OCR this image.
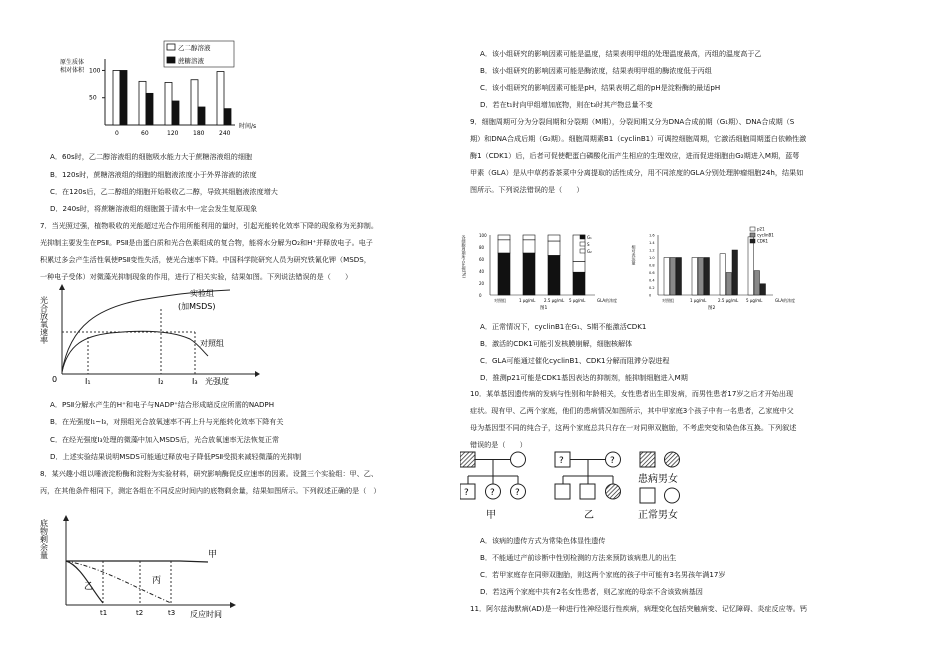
原生质体
相对体积
时间/s
100
50
0	60	120 180 240
乙二醇溶液
蔗糖溶液
A．60s时，乙二醇溶液组的细胞吸水能力大于蔗糖溶液组的细胞
B．120s时，蔗糖溶液组的细胞的细胞液浓度小于外界溶液的浓度
C．在120s后，乙二醇组的细胞开始吸收乙二醇，导致其细胞液浓度增大
D．240s时，将蔗糖溶液组的细胞置于清水中一定会发生复原现象
7．当光照过强，植物吸收的光能超过光合作用所能利用的量时，引起光能转化效率下降的现象称为光抑制。
光抑制主要发生在PSⅡ。PSⅡ是由蛋白质和光合色素组成的复合物，能将水分解为O₂和H⁺并释放电子。电子
积累过多会产生活性氧使PSⅡ变性失活，使光合速率下降。中国科学院研究人员为研究铁氰化钾（MSDS，
一种电子受体）对微藻光抑制现象的作用，进行了相关实验，结果如图。下列说法错误的是（　　）
光合放氧速率
0	光强度
I₁	I₂	I₃
实验组
(加MSDS)
对照组
A．PSⅡ分解水产生的H⁺和电子与NADP⁺结合形成暗反应所需的NADPH
B．在光强度I₁~I₃，对照组光合放氧速率不再上升与光能转化效率下降有关
C．在经光强度I₃处理的微藻中加入MSDS后，光合放氧速率无法恢复正常
D．上述实验结果说明MSDS可能通过释放电子降低PSⅡ受损来减轻微藻的光抑制
8．某兴趣小组以唾液淀粉酶和淀粉为实验材料，研究影响酶促反应速率的因素。设置三个实验组：甲、乙、
丙，在其他条件相同下，测定各组在不同反应时间内的底物剩余量，结果如图所示。下列叙述正确的是（　）
底物剩余量
反应时间
t1	t2	t3
甲
乙
丙
A．该小组研究的影响因素可能是温度，结果表明甲组的处理温度最高，丙组的温度高于乙
B．该小组研究的影响因素可能是酶浓度，结果表明甲组的酶浓度低于丙组
C．该小组研究的影响因素可能是pH，结果表明乙组的pH是淀粉酶的最适pH
D．若在t₁时向甲组增加底物，则在t₃时其产物总量不变
9．细胞周期可分为分裂间期和分裂期（M期），分裂间期又分为DNA合成前期（G₁期）、DNA合成期（S
期）和DNA合成后期（G₂期）。细胞周期素B1（cyclinB1）可调控细胞周期，它激活细胞周期蛋白依赖性激
酶1（CDK1）后，后者可促使靶蛋白磷酸化而产生相应的生理效应，进而促进细胞由G₂期进入M期，蓝萼
甲素（GLA）是从中草药香茶菜中分离提取的活性成分，用不同浓度的GLA分别处理肿瘤细胞24h，结果如
图所示。下列说法错误的是（　　）
100
80
60
40
20
0
各细胞周期所占比例(%)
对照组	1 μg/mL 2.5 μg/mL 5 μg/mL	GLA的浓度
图1
G₁
S
G₂
1.6
1.4
1.2
1.0
0.8
0.6
0.4
0.2
0
相对表达量
对照组	1 μg/mL	2.5 μg/mL 5 μg/mL	GLA的浓度
图2
p21
cyclinB1
CDK1
A．正常情况下，cyclinB1在G₁、S期不能激活CDK1
B．激活的CDK1可能引发核膜崩解，细胞核解体
C．GLA可能通过催化cyclinB1、CDK1分解而阻滞分裂进程
D．推测p21可能是CDK1基因表达的抑制剂，能抑制细胞进入M期
10．某单基因遗传病的发病与性别和年龄相关，女性患者出生即发病，而男性患者17岁之后才开始出现
症状。现有甲、乙两个家庭，他们的患病情况如图所示，其中甲家庭3个孩子中有一名患者，乙家庭中父
母为基因型不同的纯合子，这两个家庭总共只存在一对同卵双胞胎，不考虑突变和染色体互换。下列叙述
错误的是（　　）
? ? ?
甲
?	?
乙
患病男女
正常男女
A．该病的遗传方式为常染色体显性遗传
B．不能通过产前诊断中性别检测的方法来预防该病患儿的出生
C．若甲家庭存在同卵双胞胎，则这两个家庭的孩子中可能有3名男孩年满17岁
D．若这两个家庭中共有2名女性患者，则乙家庭的母亲不含该致病基因
11．阿尔兹海默病(AD)是一种进行性神经退行性疾病，病理变化包括突触病变、记忆障碍、炎症反应等。钙
